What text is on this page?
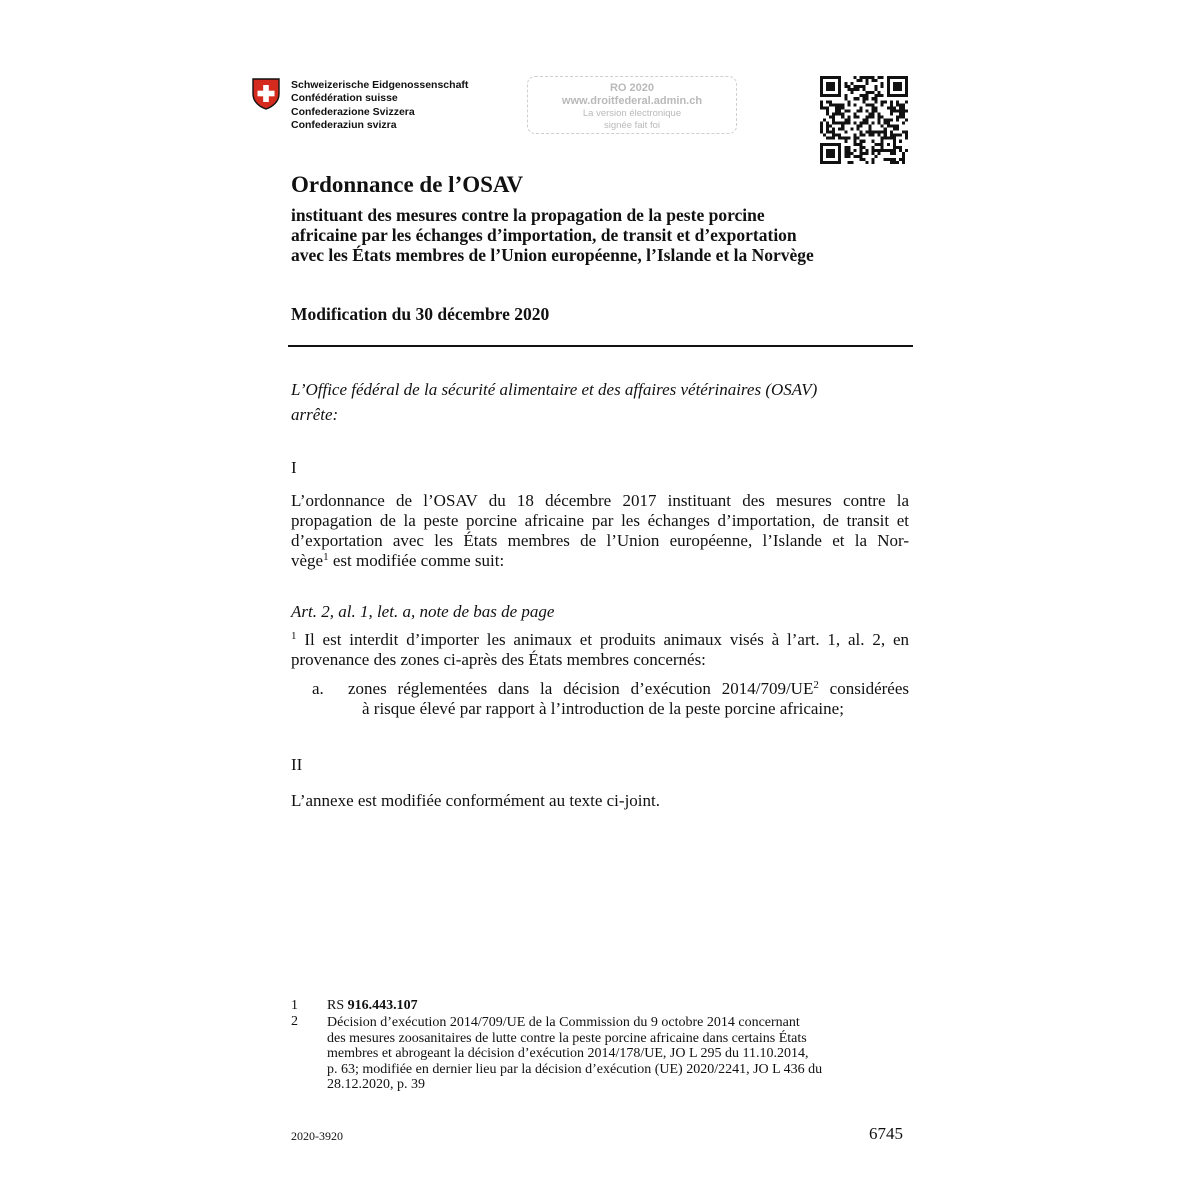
Schweizerische Eidgenossenschaft
Confédération suisse
Confederazione Svizzera
Confederaziun svizra
RO 2020
www.droitfederal.admin.ch
La version électronique
signée fait foi
Ordonnance de l’OSAV
instituant des mesures contre la propagation de la peste porcine
africaine par les échanges d’importation, de transit et d’exportation
avec les États membres de l’Union européenne, l’Islande et la Norvège
Modification du 30 décembre 2020
L’Office fédéral de la sécurité alimentaire et des affaires vétérinaires (OSAV)
arrête:
I
L’ordonnance de l’OSAV du 18 décembre 2017 instituant des mesures contre la
propagation de la peste porcine africaine par les échanges d’importation, de transit et
d’exportation avec les États membres de l’Union européenne, l’Islande et la Nor-
vège$^1$ est modifiée comme suit:
Art. 2, al. 1, let. a, note de bas de page
$^1$ Il est interdit d’importer les animaux et produits animaux visés à l’art. 1, al. 2, en
provenance des zones ci-après des États membres concernés:
a. zones réglementées dans la décision d’exécution $2014/709/UE^2$ considérées
à risque élevé par rapport à l’introduction de la peste porcine africaine;
II
L’annexe est modifiée conformément au texte ci-joint.
1 RS 916.443.107
2 Décision d’exécution 2014/709/UE de la Commission du 9 octobre 2014 concernant
des mesures zoosanitaires de lutte contre la peste porcine africaine dans certains États
membres et abrogeant la décision d’exécution 2014/178/UE, JO L 295 du 11.10.2014,
p. 63; modifiée en dernier lieu par la décision d’exécution (UE) 2020/2241, JO L 436 du
28.12.2020, p. 39
2020-3920	6745
